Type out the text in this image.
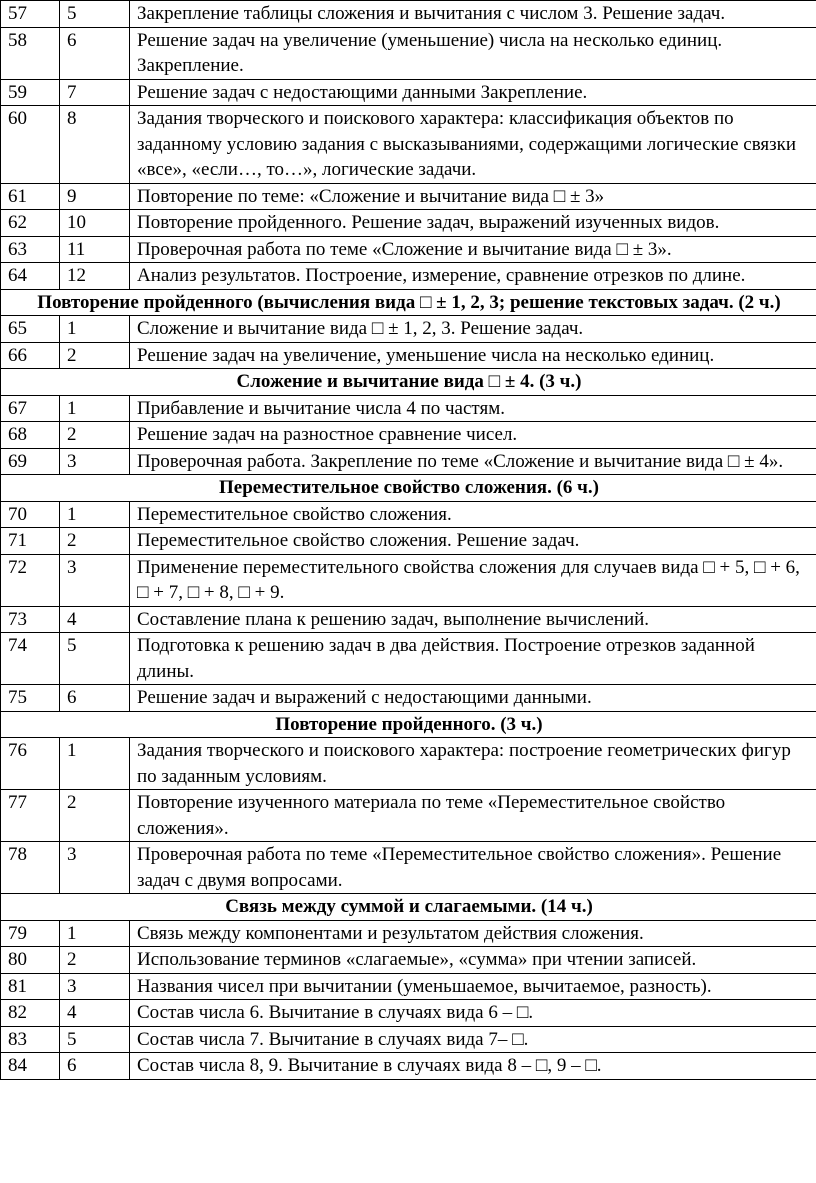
57	5	Закрепление таблицы сложения и вычитания с числом 3. Решение задач.
58	6	Решение задач на увеличение (уменьшение) числа на несколько единиц. Закрепление.
59	7	Решение задач с недостающими данными Закрепление.
60	8	Задания творческого и поискового характера: классификация объектов по заданному условию задания с высказываниями, содержащими логические связки «все», «если…, то…», логические задачи.
61	9	Повторение по теме: «Сложение и вычитание вида □ ± 3»
62	10	Повторение пройденного. Решение задач, выражений изученных видов.
63	11	Проверочная работа по теме «Сложение и вычитание вида □ ± 3».
64	12	Анализ результатов. Построение, измерение, сравнение отрезков по длине.
Повторение пройденного (вычисления вида □ ± 1, 2, 3; решение текстовых задач. (2 ч.)		
65	1	Сложение и вычитание вида □ ± 1, 2, 3. Решение задач.
66	2	Решение задач на увеличение, уменьшение числа на несколько единиц.
Сложение и вычитание вида □ ± 4. (3 ч.)		
67	1	Прибавление и вычитание числа 4 по частям.
68	2	Решение задач на разностное сравнение чисел.
69	3	Проверочная работа. Закрепление по теме «Сложение и вычитание вида □ ± 4».
Переместительное свойство сложения. (6 ч.)		
70	1	Переместительное свойство сложения.
71	2	Переместительное свойство сложения. Решение задач.
72	3	Применение переместительного свойства сложения для случаев вида □ + 5, □ + 6, □ + 7, □ + 8, □ + 9.
73	4	Составление плана к решению задач, выполнение вычислений.
74	5	Подготовка к решению задач в два действия. Построение отрезков заданной длины.
75	6	Решение задач и выражений с недостающими данными.
Повторение пройденного. (3 ч.)		
76	1	Задания творческого и поискового характера: построение геометрических фигур по заданным условиям.
77	2	Повторение изученного материала по теме «Переместительное свойство сложения».
78	3	Проверочная работа по теме «Переместительное свойство сложения». Решение задач с двумя вопросами.
Связь между суммой и слагаемыми. (14 ч.)		
79	1	Связь между компонентами и результатом действия сложения.
80	2	Использование терминов «слагаемые», «сумма» при чтении записей.
81	3	Названия чисел при вычитании (уменьшаемое, вычитаемое, разность).
82	4	Состав числа 6. Вычитание в случаях вида 6 – □.
83	5	Состав числа 7. Вычитание в случаях вида 7– □.
84	6	Состав числа 8, 9. Вычитание в случаях вида 8 – □, 9 – □.
